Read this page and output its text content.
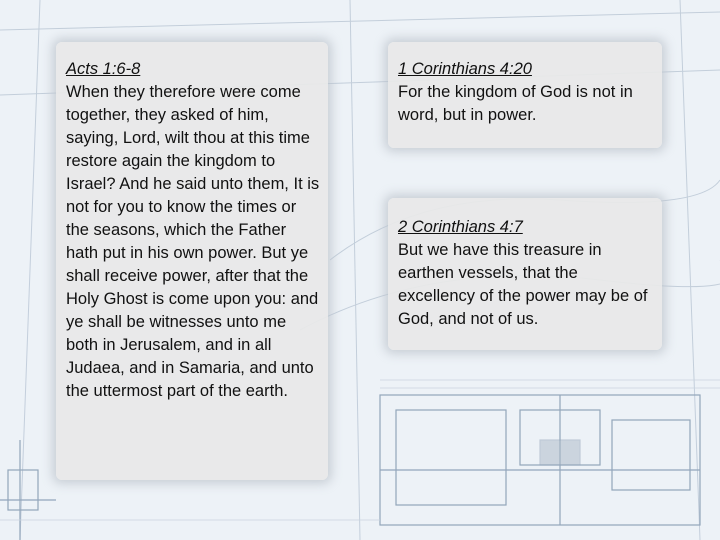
Acts 1:6-8
When they therefore were come together, they asked of him, saying, Lord, wilt thou at this time restore again the kingdom to Israel? And he said unto them, It is not for you to know the times or the seasons, which the Father hath put in his own power. But ye shall receive power, after that the Holy Ghost is come upon you: and ye shall be witnesses unto me both in Jerusalem, and in all Judaea, and in Samaria, and unto the uttermost part of the earth.
1 Corinthians 4:20
For the kingdom of God is not in word, but in power.
2 Corinthians 4:7
But we have this treasure in earthen vessels, that the excellency of the power may be of God, and not of us.
